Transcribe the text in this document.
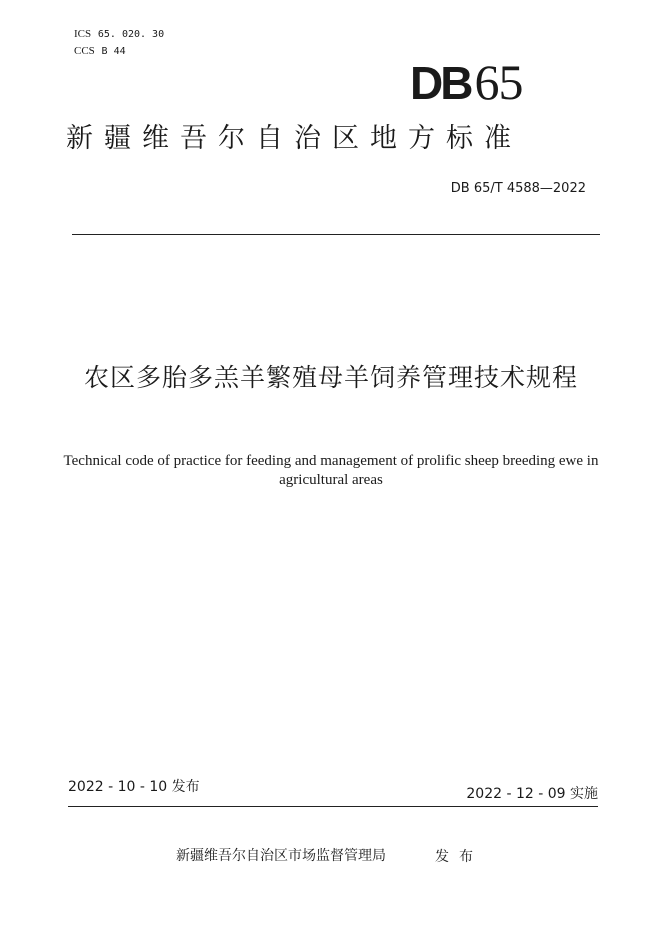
ICS 65. 020. 30
CCS B 44
DB65
新疆维吾尔自治区地方标准
DB 65/T 4588—2022
农区多胎多羔羊繁殖母羊饲养管理技术规程
Technical code of practice for feeding and management of prolific sheep breeding ewe in agricultural areas
2022 - 10 - 10 发布	2022 - 12 - 09 实施
新疆维吾尔自治区市场监督管理局	发布
